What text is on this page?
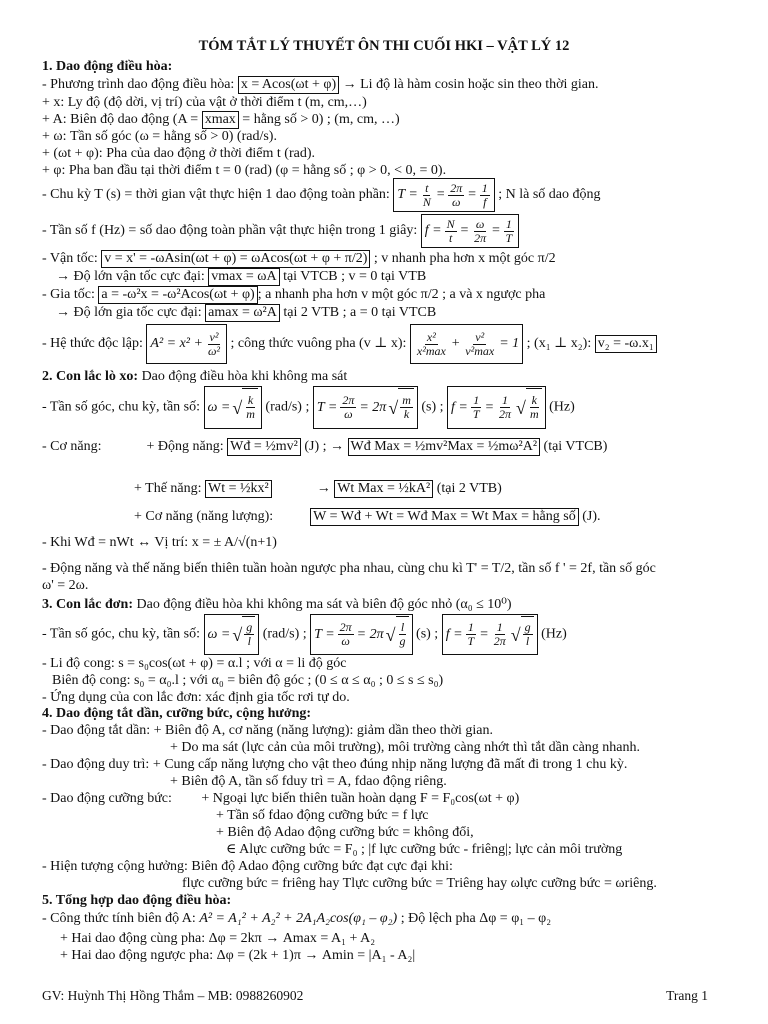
TÓM TẮT LÝ THUYẾT ÔN THI CUỐI HKI – VẬT LÝ 12
1. Dao động điều hòa:
- Phương trình dao động điều hòa: x = Acos(ωt + φ) → Li độ là hàm cosin hoặc sin theo thời gian.
+ x: Ly độ (độ dời, vị trí) của vật ở thời điểm t (m, cm,…)
+ A: Biên độ dao động (A = xmax = hằng số > 0) ; (m, cm, …)
+ ω: Tần số góc (ω = hằng số > 0) (rad/s).
+ (ωt + φ): Pha của dao động ở thời điểm t (rad).
+ φ: Pha ban đầu tại thời điểm t = 0 (rad) (φ = hằng số ; φ > 0, < 0, = 0).
- Chu kỳ T (s) = thời gian vật thực hiện 1 dao động toàn phần: $T = \frac{t}{N} = \frac{2\pi}{\omega} = \frac{1}{f}$ ; N là số dao động
- Tần số f (Hz) = số dao động toàn phần vật thực hiện trong 1 giây: $f = \frac{N}{t} = \frac{\omega}{2\pi} = \frac{1}{T}$
- Vận tốc: v = x' = -ωAsin(ωt + φ) = ωAcos(ωt + φ + π/2) ; v nhanh pha hơn x một góc π/2
→ Độ lớn vận tốc cực đại: vmax = ωA tại VTCB ; v = 0 tại VTB
- Gia tốc: a = -ω²x = -ω²Acos(ωt + φ) ; a nhanh pha hơn v một góc π/2 ; a và x ngược pha
→ Độ lớn gia tốc cực đại: amax = ω²A tại 2 VTB ; a = 0 tại VTCB
- Hệ thức độc lập: $A^2 = x^2 + \frac{\text{v²}}{\text{ω²}}$ ; công thức vuông pha (v ⊥ x): $\frac{\text{x²}}{\text{x²max}} + \frac{\text{v²}}{\text{v²max}} = 1$ ; (x₁ ⊥ x₂): v₂ = -ω.x₁
2. Con lắc lò xo: Dao động điều hòa khi không ma sát
- Tần số góc, chu kỳ, tần số: ω = √ $\frac{k}{m} (rad/s)$ ; $T = \frac{2\pi}{\omega} = 2\pi$ √ $\frac{m}{k} (s)$ ; $f = \frac{1}{T} = \frac{1}{2\pi}$ √ $\frac{k}{m} (Hz)$
- Cơ năng:	+ Động năng: Wđ = ½mv² (J) ; → Wđ Max = ½mv²Max = ½mω²A² (tại VTCB)
+ Thế năng: Wt = ½kx²	→ Wt Max = ½kA² (tại 2 VTB)
+ Cơ năng (năng lượng):	W = Wđ + Wt = Wđ Max = Wt Max = hằng số (J).
- Khi Wđ = nWt ↔ Vị trí: x = ± A/√(n+1)
- Động năng và thế năng biến thiên tuần hoàn ngược pha nhau, cùng chu kì T' = T/2, tần số f ' = 2f, tần số góc
ω' = 2ω.
3. Con lắc đơn: Dao động điều hòa khi không ma sát và biên độ góc nhỏ (α₀ ≤ 10⁰)
- Tần số góc, chu kỳ, tần số: ω = √ $\frac{g}{l} (rad/s)$ ; $T = \frac{2\pi}{\omega} = 2\pi$ √ $\frac{l}{g} (s)$ ; $f = \frac{1}{T} = \frac{1}{2\pi}$ √ $\frac{g}{l} (Hz)$
- Li độ cong: s = s₀cos(ωt + φ) = α.l ; với α = li độ góc
Biên độ cong: s₀ = α₀.l ; với α₀ = biên độ góc ; (0 ≤ α ≤ α₀ ; 0 ≤ s ≤ s₀)
- Ứng dụng của con lắc đơn: xác định gia tốc rơi tự do.
4. Dao động tắt dần, cưỡng bức, cộng hưởng:
- Dao động tắt dần: + Biên độ A, cơ năng (năng lượng): giảm dần theo thời gian.
+ Do ma sát (lực cản của môi trường), môi trường càng nhớt thì tắt dần càng nhanh.
- Dao động duy trì: + Cung cấp năng lượng cho vật theo đúng nhịp năng lượng đã mất đi trong 1 chu kỳ.
+ Biên độ A, tần số fduy trì = A, fdao động riêng.
- Dao động cưỡng bức: + Ngoại lực biến thiên tuần hoàn dạng F = F₀cos(ωt + φ)
+ Tần số fdao động cưỡng bức = f lực
+ Biên độ Adao động cưỡng bức = không đổi,
∈ Alực cưỡng bức = F₀ ; |f lực cưỡng bức - friêng|; lực cản môi trường
- Hiện tượng cộng hưởng: Biên độ Adao động cưỡng bức đạt cực đại khi:
flực cưỡng bức = friêng hay Tlực cưỡng bức = Triêng hay ωlực cưỡng bức = ωriêng.
5. Tổng hợp dao động điều hòa:
- Công thức tính biên độ A: A² = A₁² + A₂² + 2A₁A₂cos(φ₁ – φ₂) ; Độ lệch pha Δφ = φ₁ – φ₂
+ Hai dao động cùng pha: Δφ = 2kπ → Amax = A₁ + A₂
+ Hai dao động ngược pha: Δφ = (2k + 1)π → Amin = |A₁ - A₂|
GV: Huỳnh Thị Hồng Thắm – MB: 0988260902	Trang 1
